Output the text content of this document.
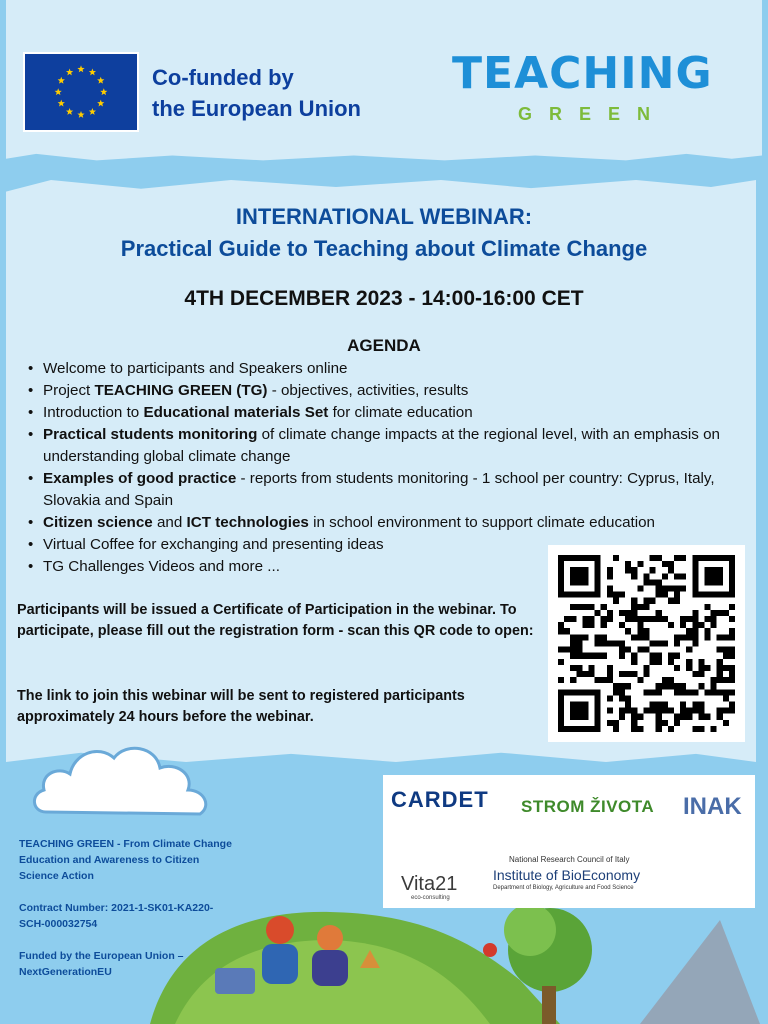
Co-funded by
the European Union
TEACHING
GREEN
INTERNATIONAL WEBINAR:
Practical Guide to Teaching about Climate Change
4TH DECEMBER 2023 - 14:00-16:00 CET
AGENDA
• Welcome to participants and Speakers online
• Project TEACHING GREEN (TG) - objectives, activities, results
• Introduction to Educational materials Set for climate education
• Practical students monitoring of climate change impacts at the regional level, with an emphasis on understanding global climate change
• Examples of good practice - reports from students monitoring - 1 school per country: Cyprus, Italy, Slovakia and Spain
• Citizen science and ICT technologies in school environment to support climate education
• Virtual Coffee for exchanging and presenting ideas
• TG Challenges Videos and more ...
Participants will be issued a Certificate of Participation in the webinar. To participate, please fill out the registration form - scan this QR code to open:
The link to join this webinar will be sent to registered participants approximately 24 hours before the webinar.

TEACHING GREEN - From Climate Change Education and Awareness to Citizen Science Action

Contract Number: 2021-1-SK01-KA220-SCH-000032754

Funded by the European Union – NextGenerationEU

CARDET STROM ŽIVOTA INAK
Vita21
eco-consulting
National Research Council of Italy
Institute of BioEconomy
Department of Biology, Agriculture and Food Science
